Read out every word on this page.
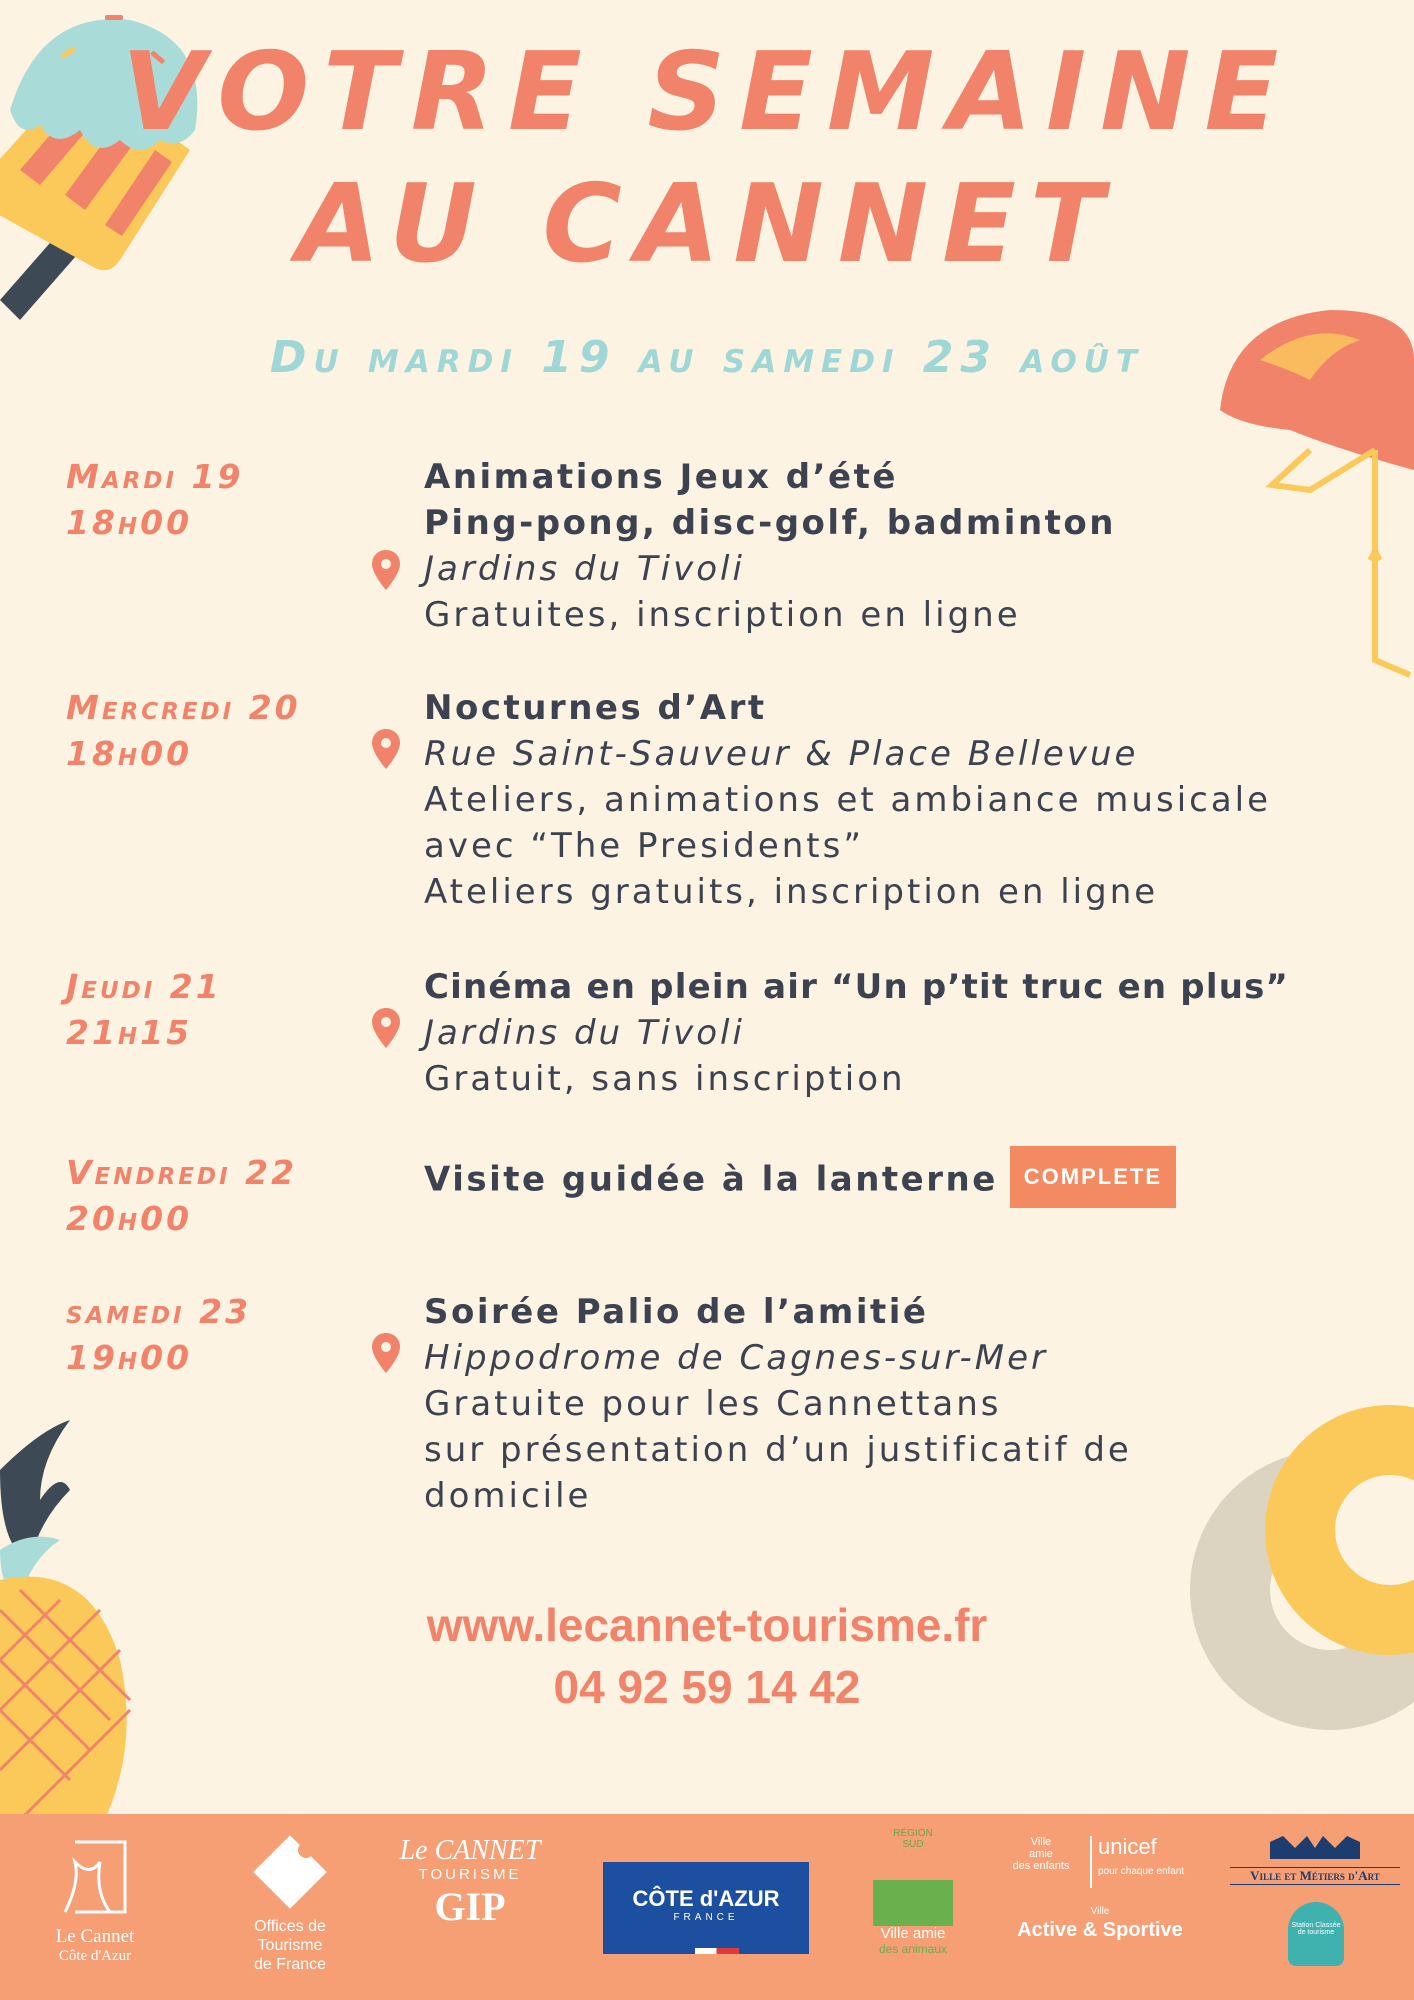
VOTRE SEMAINE
AU CANNET
Du mardi 19 au samedi 23 août
Mardi 19
18h00
Animations Jeux d’été
Ping-pong, disc-golf, badminton
Jardins du Tivoli
Gratuites, inscription en ligne
Mercredi 20
18h00
Nocturnes d’Art
Rue Saint-Sauveur & Place Bellevue
Ateliers, animations et ambiance musicale
avec “The Presidents”
Ateliers gratuits, inscription en ligne
Jeudi 21
21h15
Cinéma en plein air “Un p’tit truc en plus”
Jardins du Tivoli
Gratuit, sans inscription
Vendredi 22
20h00
Visite guidée à la lanterne COMPLETE
samedi 23
19h00
Soirée Palio de l’amitié
Hippodrome de Cagnes-sur-Mer
Gratuite pour les Cannettans
sur présentation d’un justificatif de
domicile
www.lecannet-tourisme.fr
04 92 59 14 42
Le Cannet
Côte d'Azur
Offices de
Tourisme
de France
Le CANNET
TOURISME
GIP	CÔTE d'AZUR
FRANCE
RÉGION
SUD
Ville amie
des animaux
Ville
amie
des enfants
unicef
pour chaque enfant
Ville
Active & Sportive
Ville et Métiers d'Art
Station Classée
de tourisme
